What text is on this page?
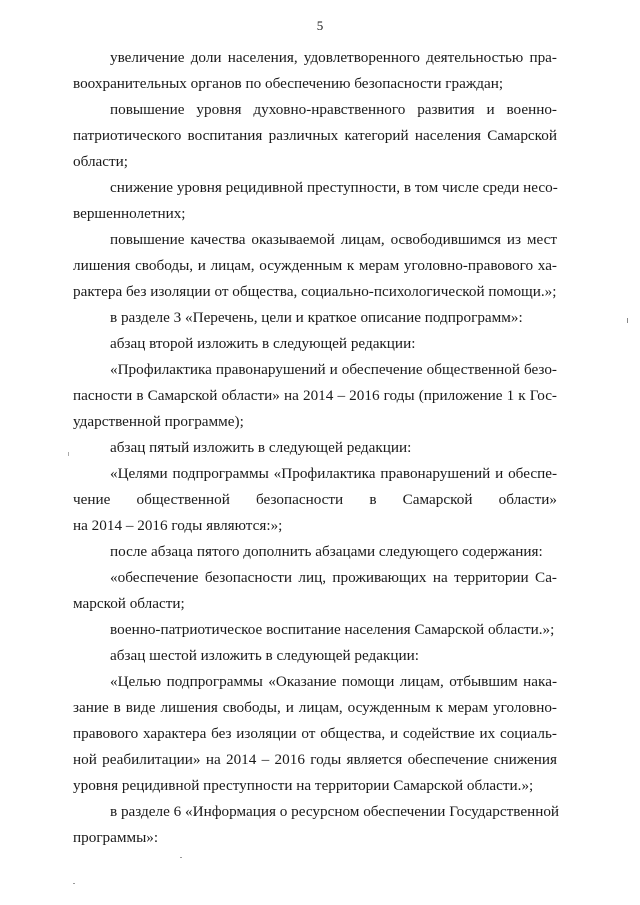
5
увеличение доли населения, удовлетворенного деятельностью пра-
воохранительных органов по обеспечению безопасности граждан;
повышение уровня духовно-нравственного развития и военно-
патриотического воспитания различных категорий населения Самарской
области;
снижение уровня рецидивной преступности, в том числе среди несо-
вершеннолетних;
повышение качества оказываемой лицам, освободившимся из мест
лишения свободы, и лицам, осужденным к мерам уголовно-правового ха-
рактера без изоляции от общества, социально-психологической помощи.»;
в разделе 3 «Перечень, цели и краткое описание подпрограмм»:
абзац второй изложить в следующей редакции:
«Профилактика правонарушений и обеспечение общественной безо-
пасности в Самарской области» на 2014 – 2016 годы (приложение 1 к Гос-
ударственной программе);
абзац пятый изложить в следующей редакции:
«Целями подпрограммы «Профилактика правонарушений и обеспе-
чение общественной безопасности в Самарской области»
на 2014 – 2016 годы являются:»;
после абзаца пятого дополнить абзацами следующего содержания:
«обеспечение безопасности лиц, проживающих на территории Са-
марской области;
военно-патриотическое воспитание населения Самарской области.»;
абзац шестой изложить в следующей редакции:
«Целью подпрограммы «Оказание помощи лицам, отбывшим нака-
зание в виде лишения свободы, и лицам, осужденным к мерам уголовно-
правового характера без изоляции от общества, и содействие их социаль-
ной реабилитации» на 2014 – 2016 годы является обеспечение снижения
уровня рецидивной преступности на территории Самарской области.»;
в разделе 6 «Информация о ресурсном обеспечении Государственной
программы»:
